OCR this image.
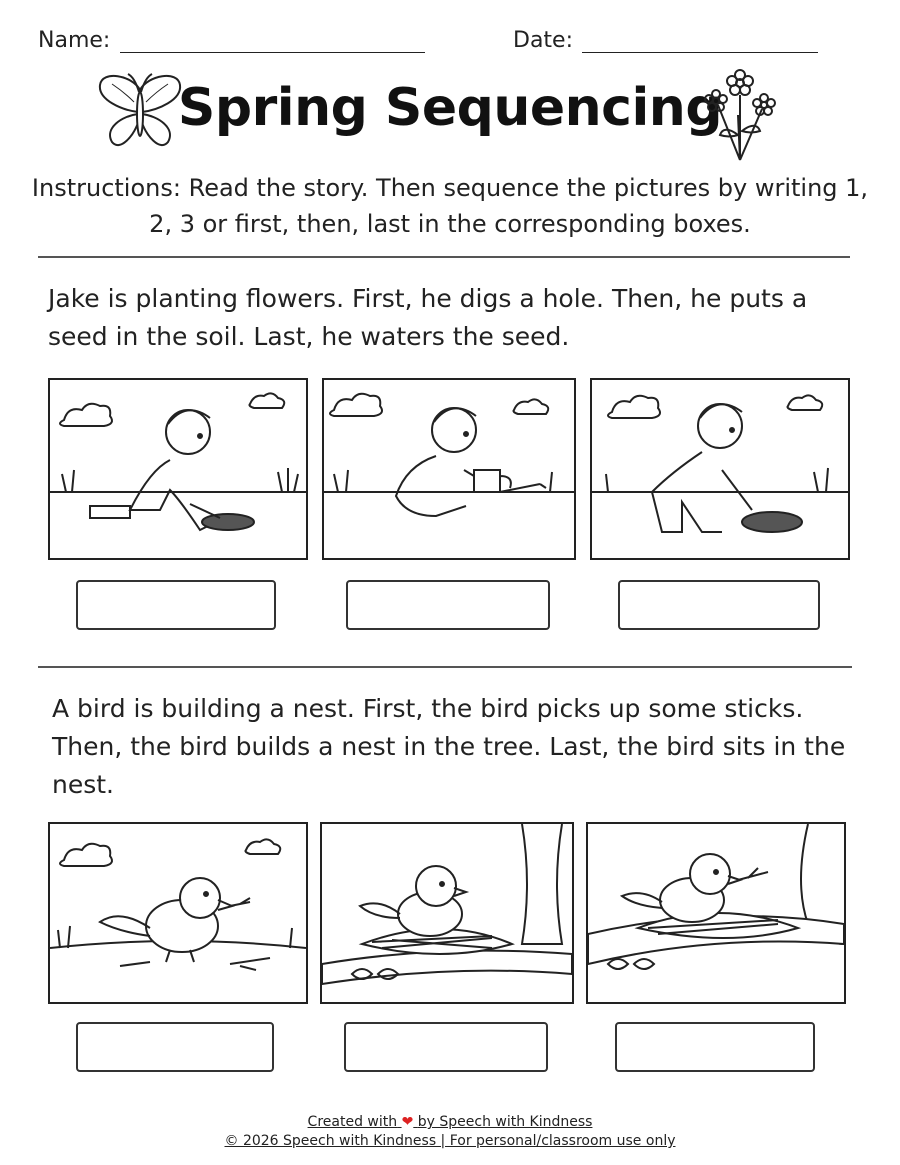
Name:	Date:
Spring Sequencing
Instructions: Read the story. Then sequence the pictures by writing 1, 2, 3 or first, then, last in the corresponding boxes.
Jake is planting flowers. First, he digs a hole. Then, he puts a seed in the soil. Last, he waters the seed.
A bird is building a nest. First, the bird picks up some sticks. Then, the bird builds a nest in the tree. Last, the bird sits in the nest.
Created with ❤ by Speech with Kindness
© 2026 Speech with Kindness | For personal/classroom use only
